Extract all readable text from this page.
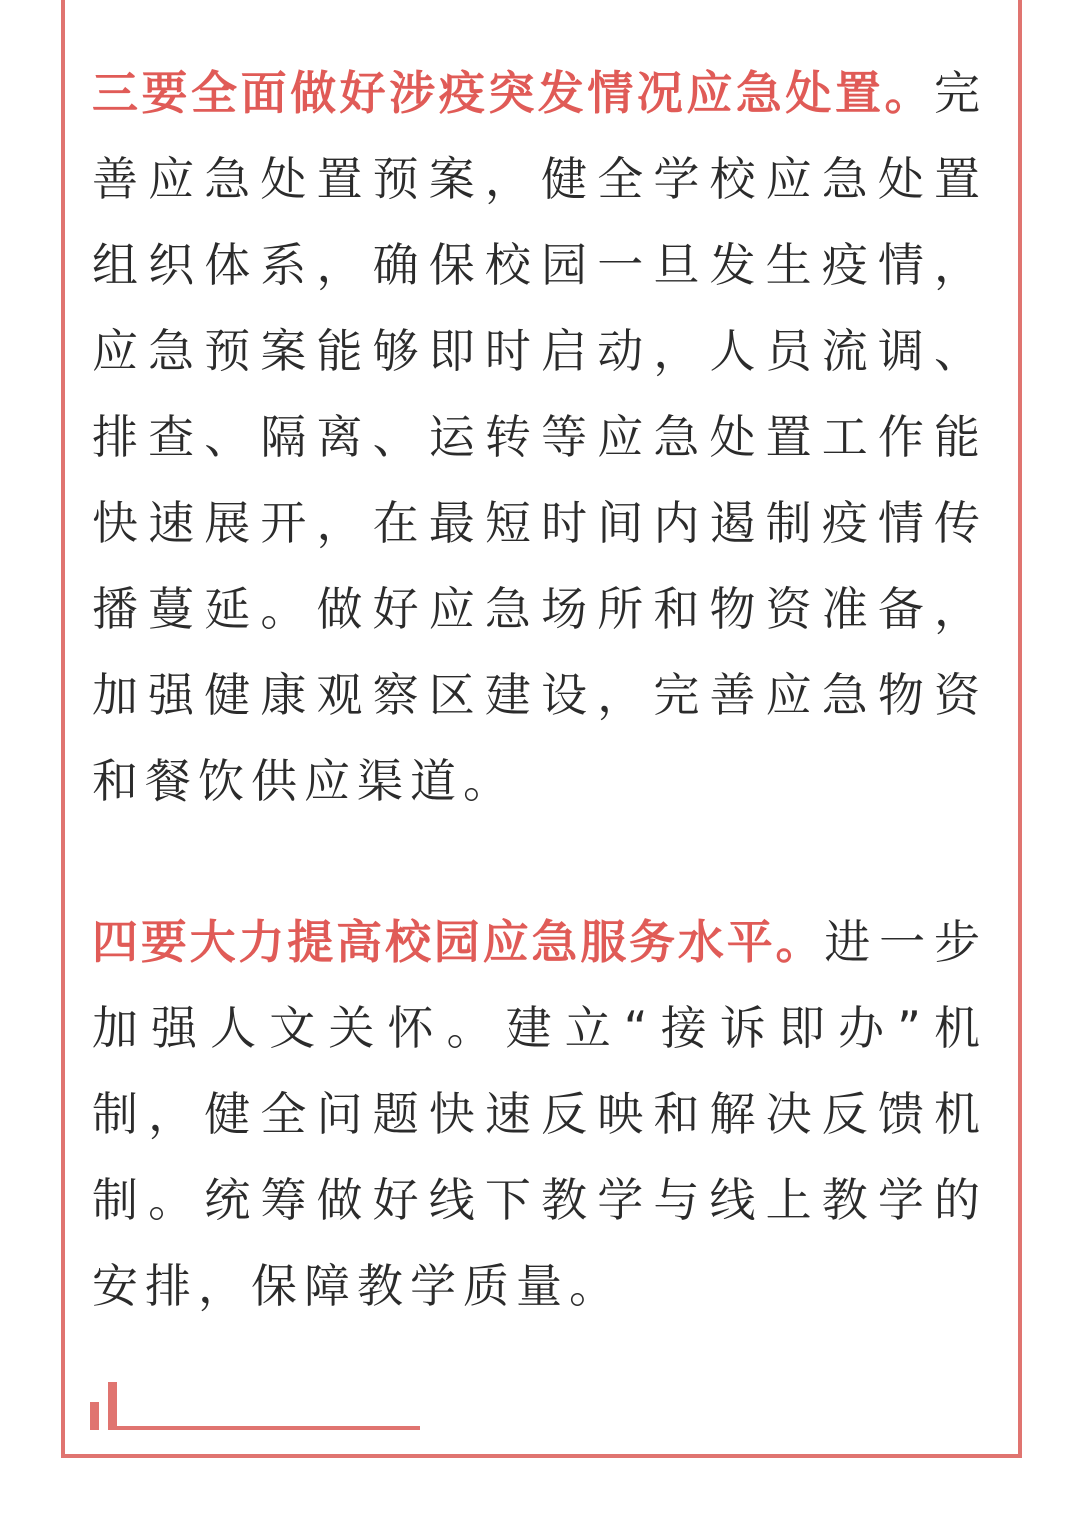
三要全面做好涉疫突发情况应急处置。完善应急处置预案，健全学校应急处置组织体系，确保校园一旦发生疫情，应急预案能够即时启动，人员流调、排查、隔离、运转等应急处置工作能快速展开，在最短时间内遏制疫情传播蔓延。做好应急场所和物资准备，加强健康观察区建设，完善应急物资和餐饮供应渠道。

四要大力提高校园应急服务水平。进一步加强人文关怀。建立“接诉即办”机制，健全问题快速反映和解决反馈机制。统筹做好线下教学与线上教学的安排，保障教学质量。
